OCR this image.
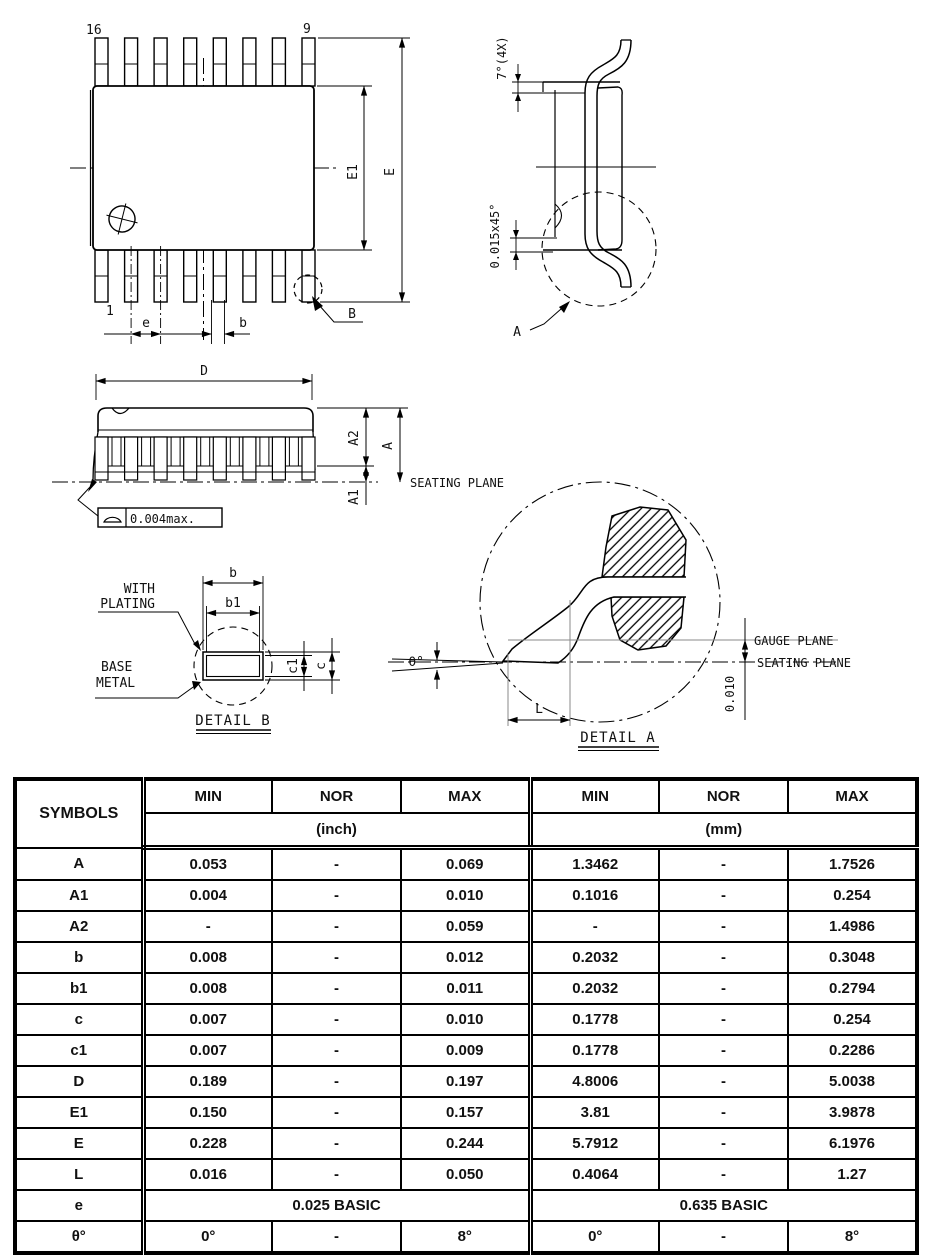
16	9
1
E1 E
e	b
B
7°(4X)
0.015x45°
A
D
SEATING PLANE
A2
A
A1
0.004max.
b
b1
c1 c
WITH
PLATING
BASE
METAL
DETAIL B
θ°
0.010
GAUGE PLANE
SEATING PLANE
L
DETAIL A
SYMBOLS	MIN	NOR	MAX	MIN	NOR	MAX
	(inch)			(mm)		
A	0.053	-	0.069	1.3462	-	1.7526
A1	0.004	-	0.010	0.1016	-	0.254
A2	-	-	0.059	-	-	1.4986
b	0.008	-	0.012	0.2032	-	0.3048
b1	0.008	-	0.011	0.2032	-	0.2794
c	0.007	-	0.010	0.1778	-	0.254
c1	0.007	-	0.009	0.1778	-	0.2286
D	0.189	-	0.197	4.8006	-	5.0038
E1	0.150	-	0.157	3.81	-	3.9878
E	0.228	-	0.244	5.7912	-	6.1976
L	0.016	-	0.050	0.4064	-	1.27
e	0.025 BASIC			0.635 BASIC		
θ°	0°	-	8°	0°	-	8°
